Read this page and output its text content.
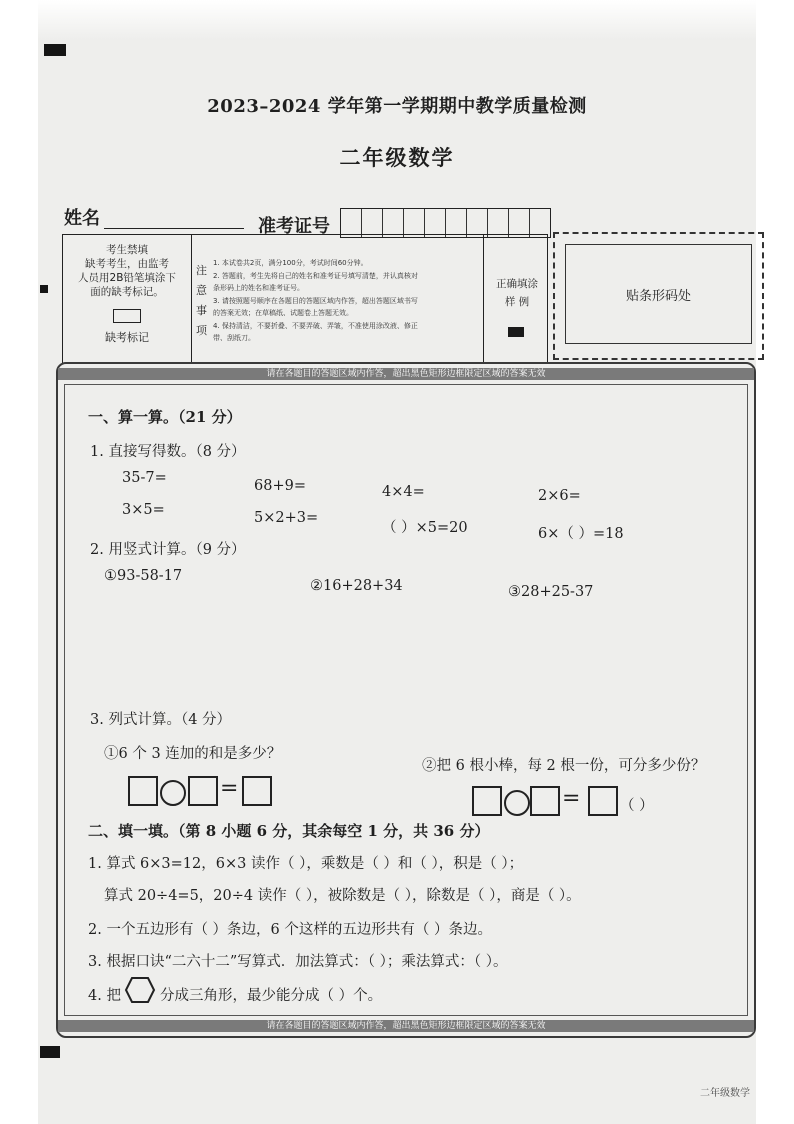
2023–2024 学年第一学期期中教学质量检测
二年级数学
姓名	准考证号
考生禁填
缺考考生，由监考
人员用2B铅笔填涂下
面的缺考标记。
缺考标记
注
意
事
项
1. 本试卷共2页，满分100分，考试时间60分钟。
2. 答题前，考生先将自己的姓名和准考证号填写清楚，并认真核对
条形码上的姓名和准考证号。
3. 请按照题号顺序在各题目的答题区域内作答，超出答题区域书写
的答案无效；在草稿纸、试题卷上答题无效。
4. 保持清洁，不要折叠、不要弄破、弄皱，不准使用涂改液、修正
带、刮纸刀。
正确填涂
样 例	贴条形码处
请在各题目的答题区域内作答，超出黑色矩形边框限定区域的答案无效
请在各题目的答题区域内作答，超出黑色矩形边框限定区域的答案无效
一、算一算。（21 分）
1. 直接写得数。（8 分）
35-7=	68+9=	4×4=	2×6=
3×5=	5×2+3=
（ ）×5=20	6×（ ）=18
2. 用竖式计算。（9 分）
①93-58-17
②16+28+34	③28+25-37
3. 列式计算。（4 分）
①6 个 3 连加的和是多少？
②把 6 根小棒，每 2 根一份，可分多少份？
=	=	（ ）
二、填一填。（第 8 小题 6 分，其余每空 1 分，共 36 分）
1. 算式 6×3=12，6×3 读作（ ），乘数是（ ）和（ ），积是（ ）；
算式 20÷4=5，20÷4 读作（ ），被除数是（ ），除数是（ ），商是（ ）。
2. 一个五边形有（ ）条边，6 个这样的五边形共有（ ）条边。
3. 根据口诀“二六十二”写算式．加法算式：（ ）；乘法算式：（ ）。
4. 把	分成三角形，最少能分成（ ）个。
二年级数学
